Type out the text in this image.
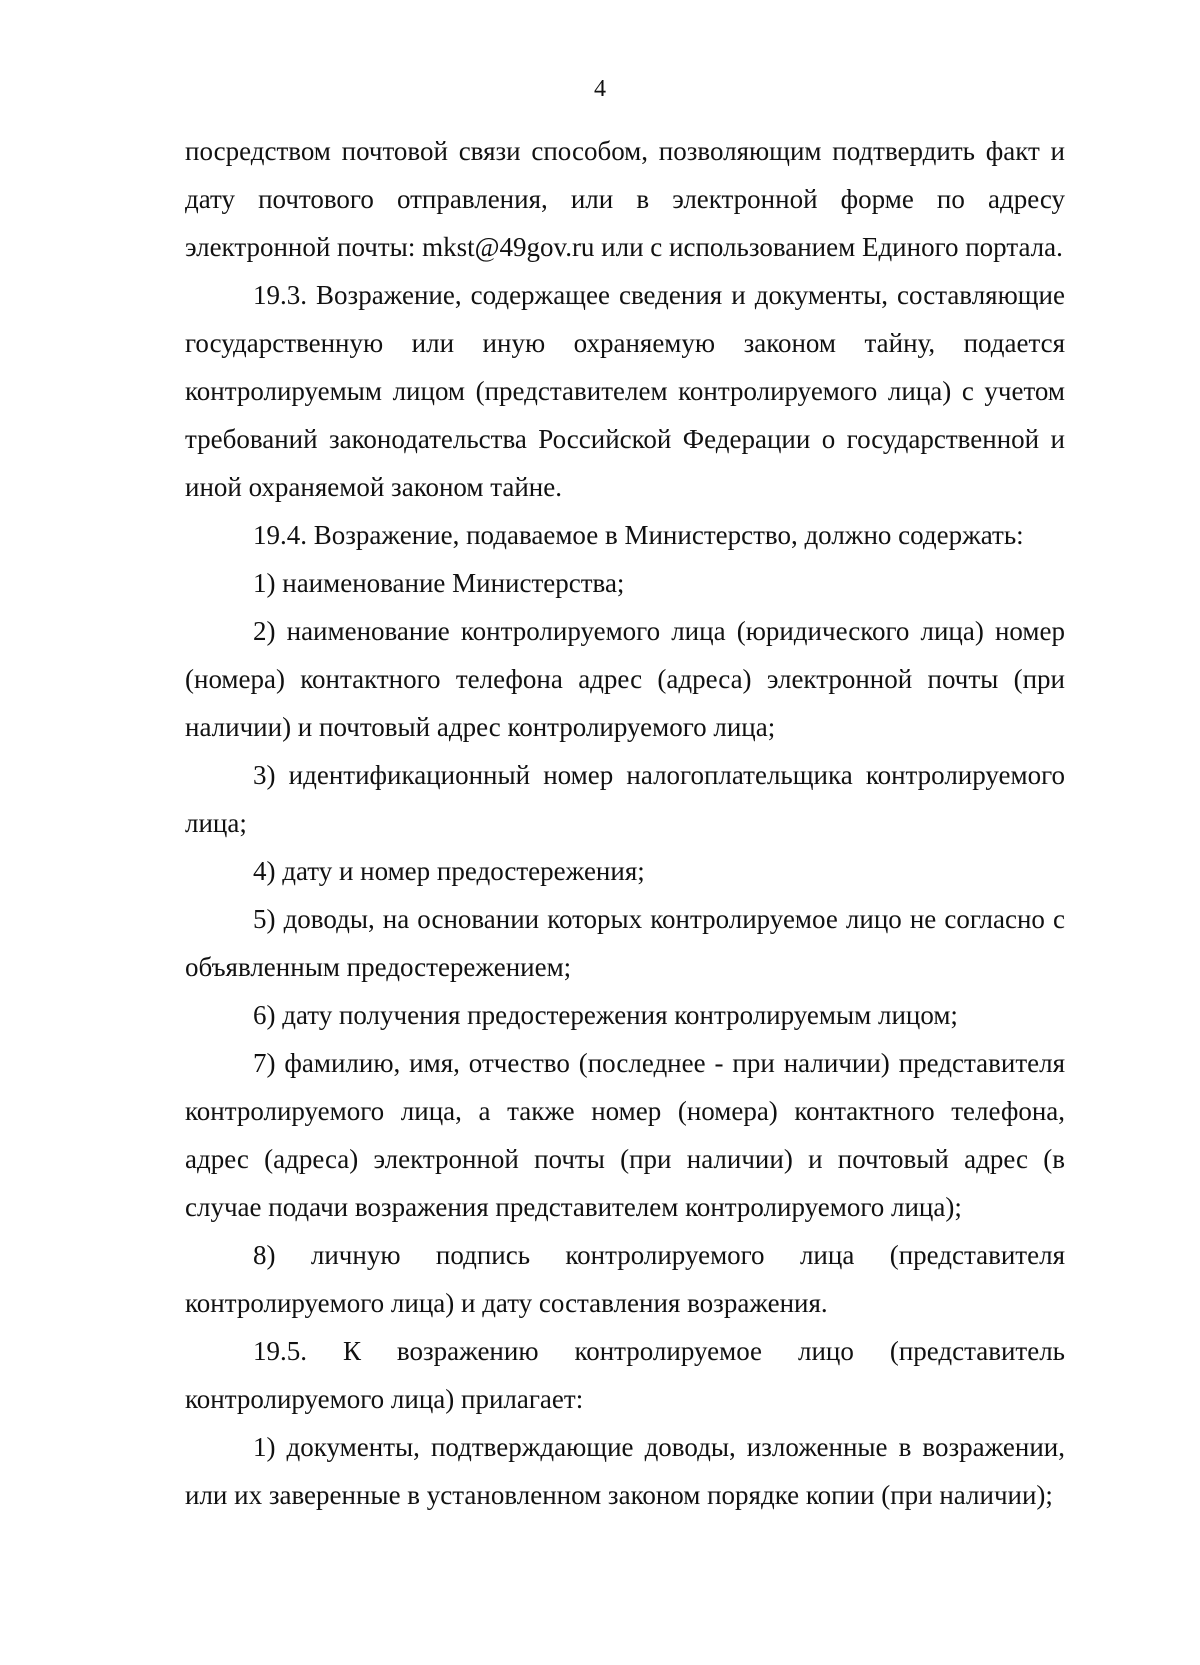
4

посредством почтовой связи способом, позволяющим подтвердить факт и дату почтового отправления, или в электронной форме по адресу электронной почты: mkst@49gov.ru или с использованием Единого портала.

19.3. Возражение, содержащее сведения и документы, составляющие государственную или иную охраняемую законом тайну, подается контролируемым лицом (представителем контролируемого лица) с учетом требований законодательства Российской Федерации о государственной и иной охраняемой законом тайне.

19.4. Возражение, подаваемое в Министерство, должно содержать:

1) наименование Министерства;

2) наименование контролируемого лица (юридического лица) номер (номера) контактного телефона адрес (адреса) электронной почты (при наличии) и почтовый адрес контролируемого лица;

3) идентификационный номер налогоплательщика контролируемого лица;

4) дату и номер предостережения;

5) доводы, на основании которых контролируемое лицо не согласно с объявленным предостережением;

6) дату получения предостережения контролируемым лицом;

7) фамилию, имя, отчество (последнее - при наличии) представителя контролируемого лица, а также номер (номера) контактного телефона, адрес (адреса) электронной почты (при наличии) и почтовый адрес (в случае подачи возражения представителем контролируемого лица);

8) личную подпись контролируемого лица (представителя контролируемого лица) и дату составления возражения.

19.5. К возражению контролируемое лицо (представитель контролируемого лица) прилагает:

1) документы, подтверждающие доводы, изложенные в возражении, или их заверенные в установленном законом порядке копии (при наличии);
